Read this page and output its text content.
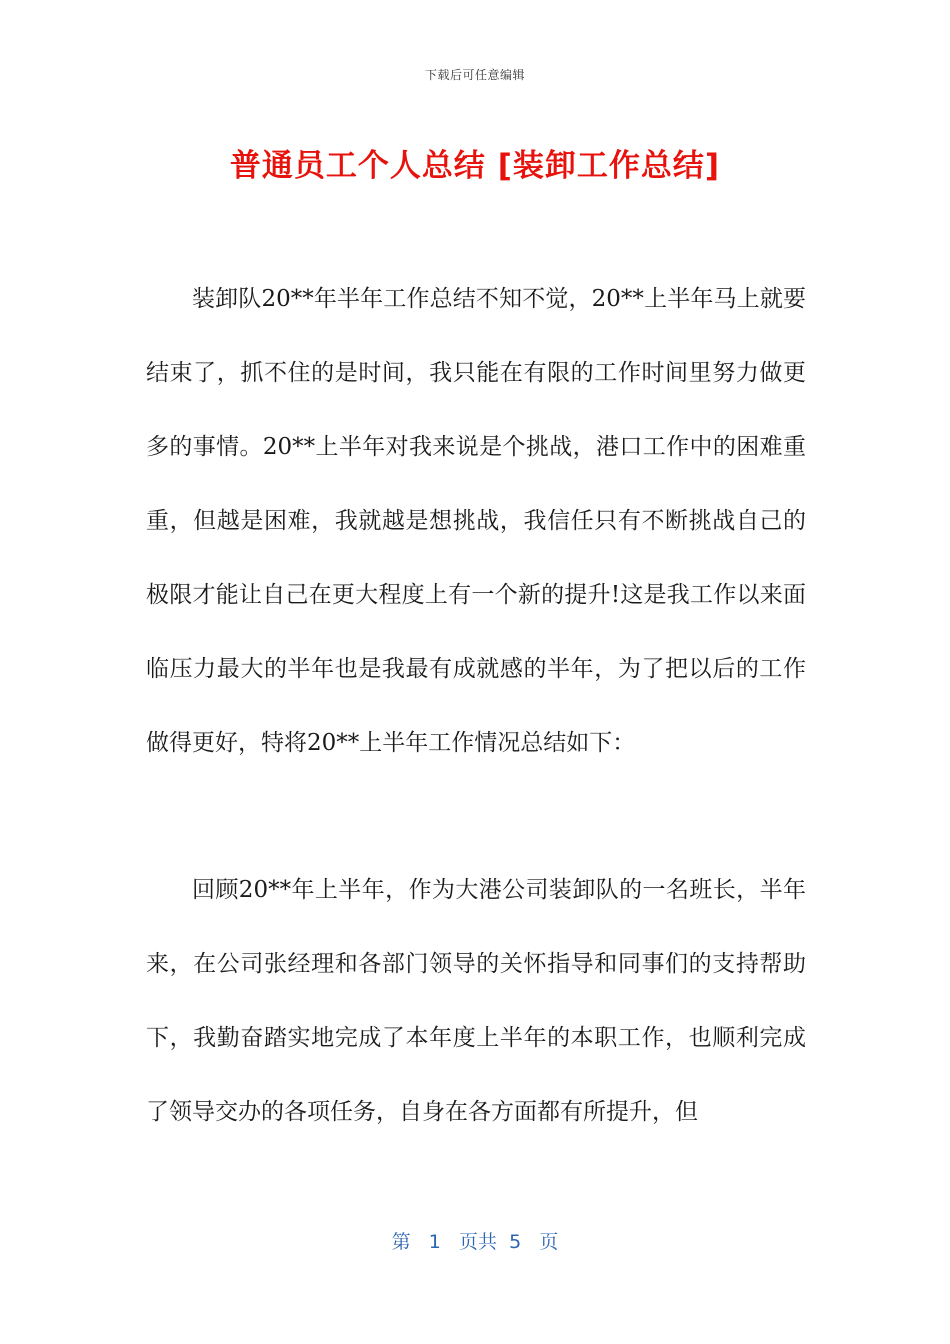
下载后可任意编辑
普通员工个人总结 [装卸工作总结]

装卸队20**年半年工作总结不知不觉，20**上半年马上就要结束了，抓不住的是时间，我只能在有限的工作时间里努力做更多的事情。20**上半年对我来说是个挑战，港口工作中的困难重重，但越是困难，我就越是想挑战，我信任只有不断挑战自己的极限才能让自己在更大程度上有一个新的提升!这是我工作以来面临压力最大的半年也是我最有成就感的半年，为了把以后的工作做得更好，特将20**上半年工作情况总结如下：

回顾20**年上半年，作为大港公司装卸队的一名班长，半年来，在公司张经理和各部门领导的关怀指导和同事们的支持帮助下，我勤奋踏实地完成了本年度上半年的本职工作，也顺利完成了领导交办的各项任务，自身在各方面都有所提升，但

第 1 页共 5 页
